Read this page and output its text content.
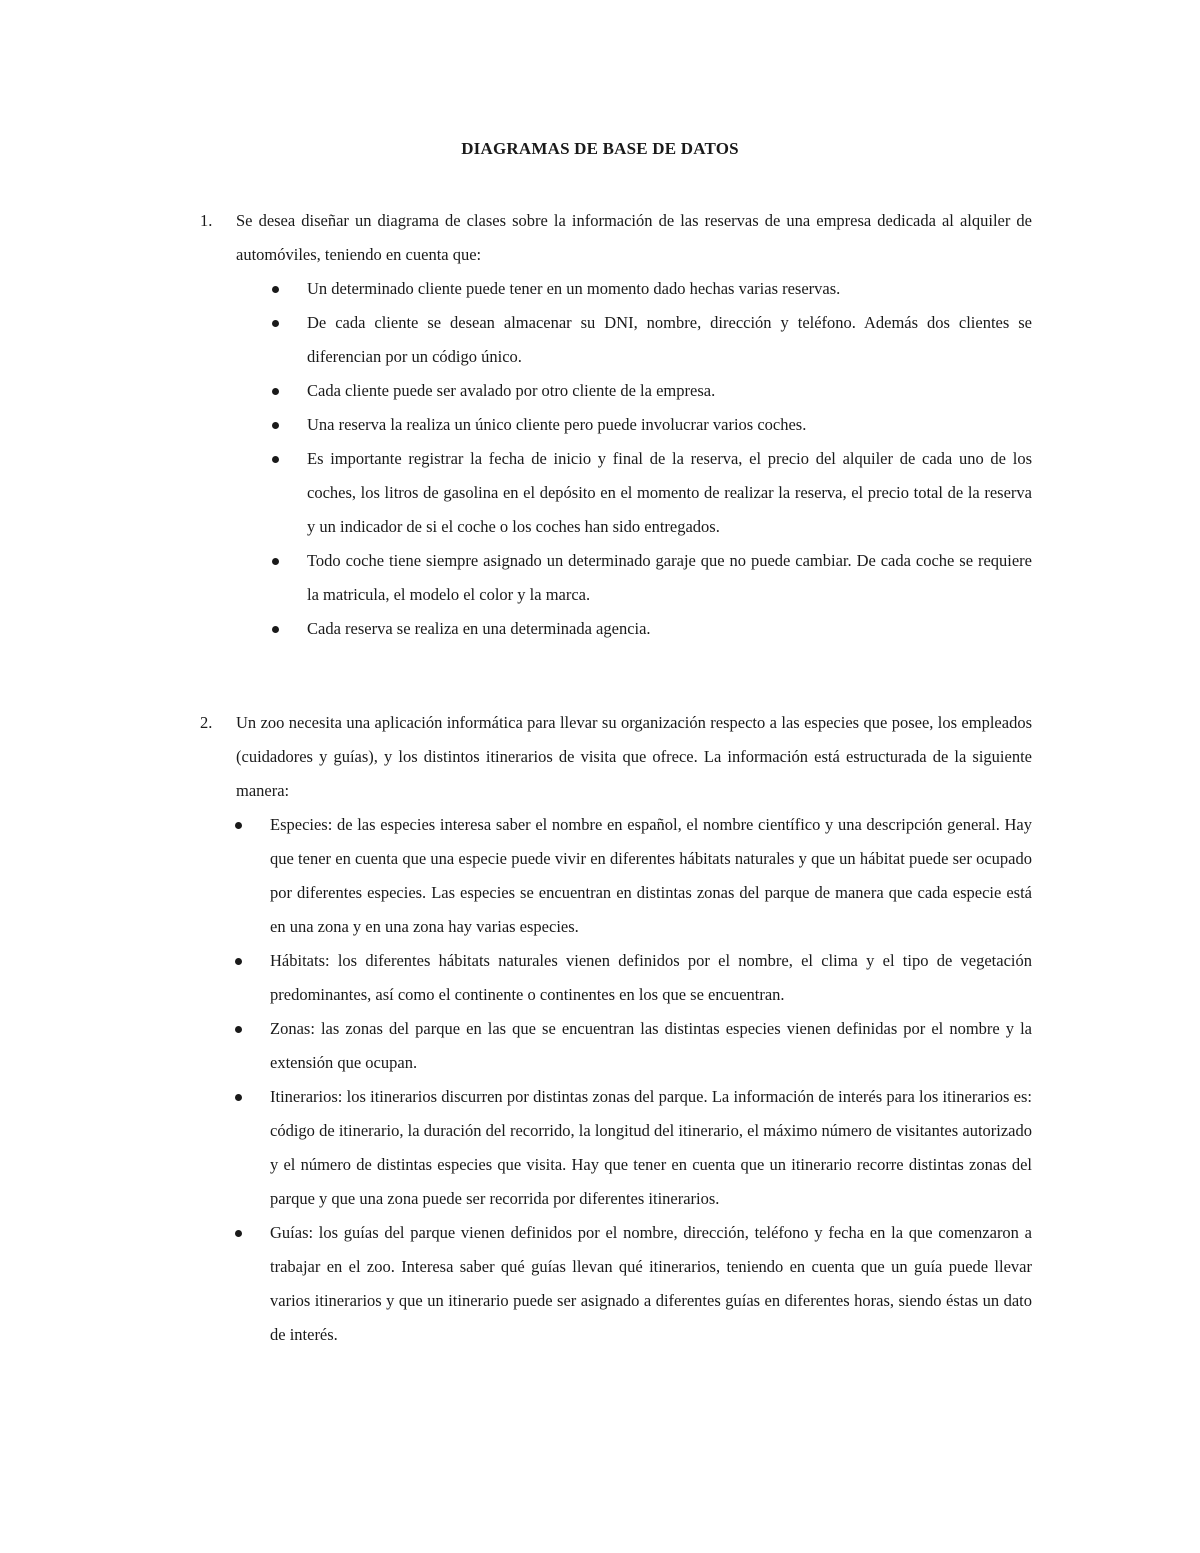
DIAGRAMAS DE BASE DE DATOS
1. Se desea diseñar un diagrama de clases sobre la información de las reservas de una empresa dedicada al alquiler de automóviles, teniendo en cuenta que:
Un determinado cliente puede tener en un momento dado hechas varias reservas.
De cada cliente se desean almacenar su DNI, nombre, dirección y teléfono. Además dos clientes se diferencian por un código único.
Cada cliente puede ser avalado por otro cliente de la empresa.
Una reserva la realiza un único cliente pero puede involucrar varios coches.
Es importante registrar la fecha de inicio y final de la reserva, el precio del alquiler de cada uno de los coches, los litros de gasolina en el depósito en el momento de realizar la reserva, el precio total de la reserva y un indicador de si el coche o los coches han sido entregados.
Todo coche tiene siempre asignado un determinado garaje que no puede cambiar. De cada coche se requiere la matricula, el modelo el color y la marca.
Cada reserva se realiza en una determinada agencia.
2. Un zoo necesita una aplicación informática para llevar su organización respecto a las especies que posee, los empleados (cuidadores y guías), y los distintos itinerarios de visita que ofrece. La información está estructurada de la siguiente manera:
Especies: de las especies interesa saber el nombre en español, el nombre científico y una descripción general. Hay que tener en cuenta que una especie puede vivir en diferentes hábitats naturales y que un hábitat puede ser ocupado por diferentes especies. Las especies se encuentran en distintas zonas del parque de manera que cada especie está en una zona y en una zona hay varias especies.
Hábitats: los diferentes hábitats naturales vienen definidos por el nombre, el clima y el tipo de vegetación predominantes, así como el continente o continentes en los que se encuentran.
Zonas: las zonas del parque en las que se encuentran las distintas especies vienen definidas por el nombre y la extensión que ocupan.
Itinerarios: los itinerarios discurren por distintas zonas del parque. La información de interés para los itinerarios es: código de itinerario, la duración del recorrido, la longitud del itinerario, el máximo número de visitantes autorizado y el número de distintas especies que visita. Hay que tener en cuenta que un itinerario recorre distintas zonas del parque y que una zona puede ser recorrida por diferentes itinerarios.
Guías: los guías del parque vienen definidos por el nombre, dirección, teléfono y fecha en la que comenzaron a trabajar en el zoo. Interesa saber qué guías llevan qué itinerarios, teniendo en cuenta que un guía puede llevar varios itinerarios y que un itinerario puede ser asignado a diferentes guías en diferentes horas, siendo éstas un dato de interés.
